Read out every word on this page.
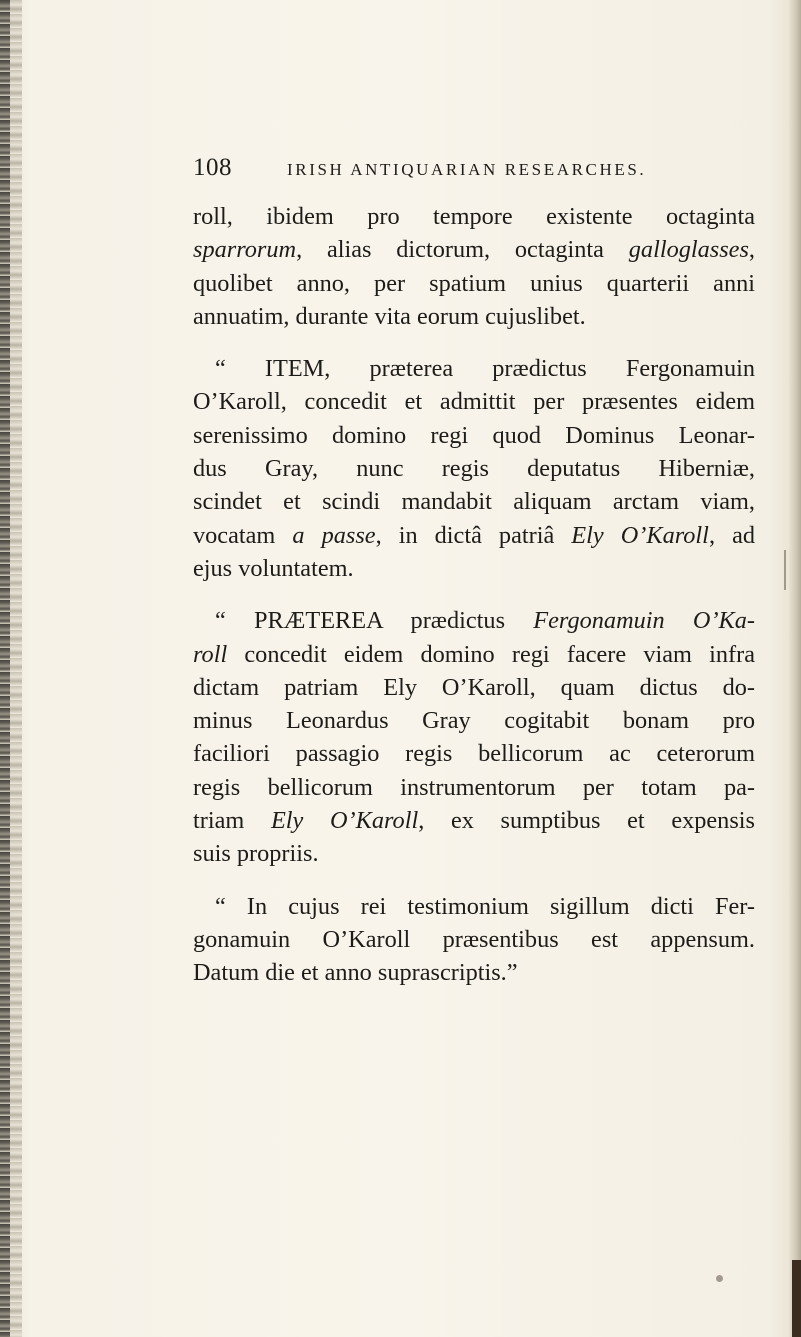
108	IRISH ANTIQUARIAN RESEARCHES.
roll, ibidem pro tempore existente octaginta
sparrorum, alias dictorum, octaginta galloglasses,
quolibet anno, per spatium unius quarterii anni
annuatim, durante vita eorum cujuslibet.
“ ITEM, præterea prædictus Fergonamuin
O’Karoll, concedit et admittit per præsentes eidem
serenissimo domino regi quod Dominus Leonar-
dus Gray, nunc regis deputatus Hiberniæ,
scindet et scindi mandabit aliquam arctam viam,
vocatam a passe, in dictâ patriâ Ely O’Karoll, ad
ejus voluntatem.
“ PRÆTEREA prædictus Fergonamuin O’Ka-
roll concedit eidem domino regi facere viam infra
dictam patriam Ely O’Karoll, quam dictus do-
minus Leonardus Gray cogitabit bonam pro
faciliori passagio regis bellicorum ac ceterorum
regis bellicorum instrumentorum per totam pa-
triam Ely O’Karoll, ex sumptibus et expensis
suis propriis.
“ In cujus rei testimonium sigillum dicti Fer-
gonamuin O’Karoll præsentibus est appensum.
Datum die et anno suprascriptis.”
